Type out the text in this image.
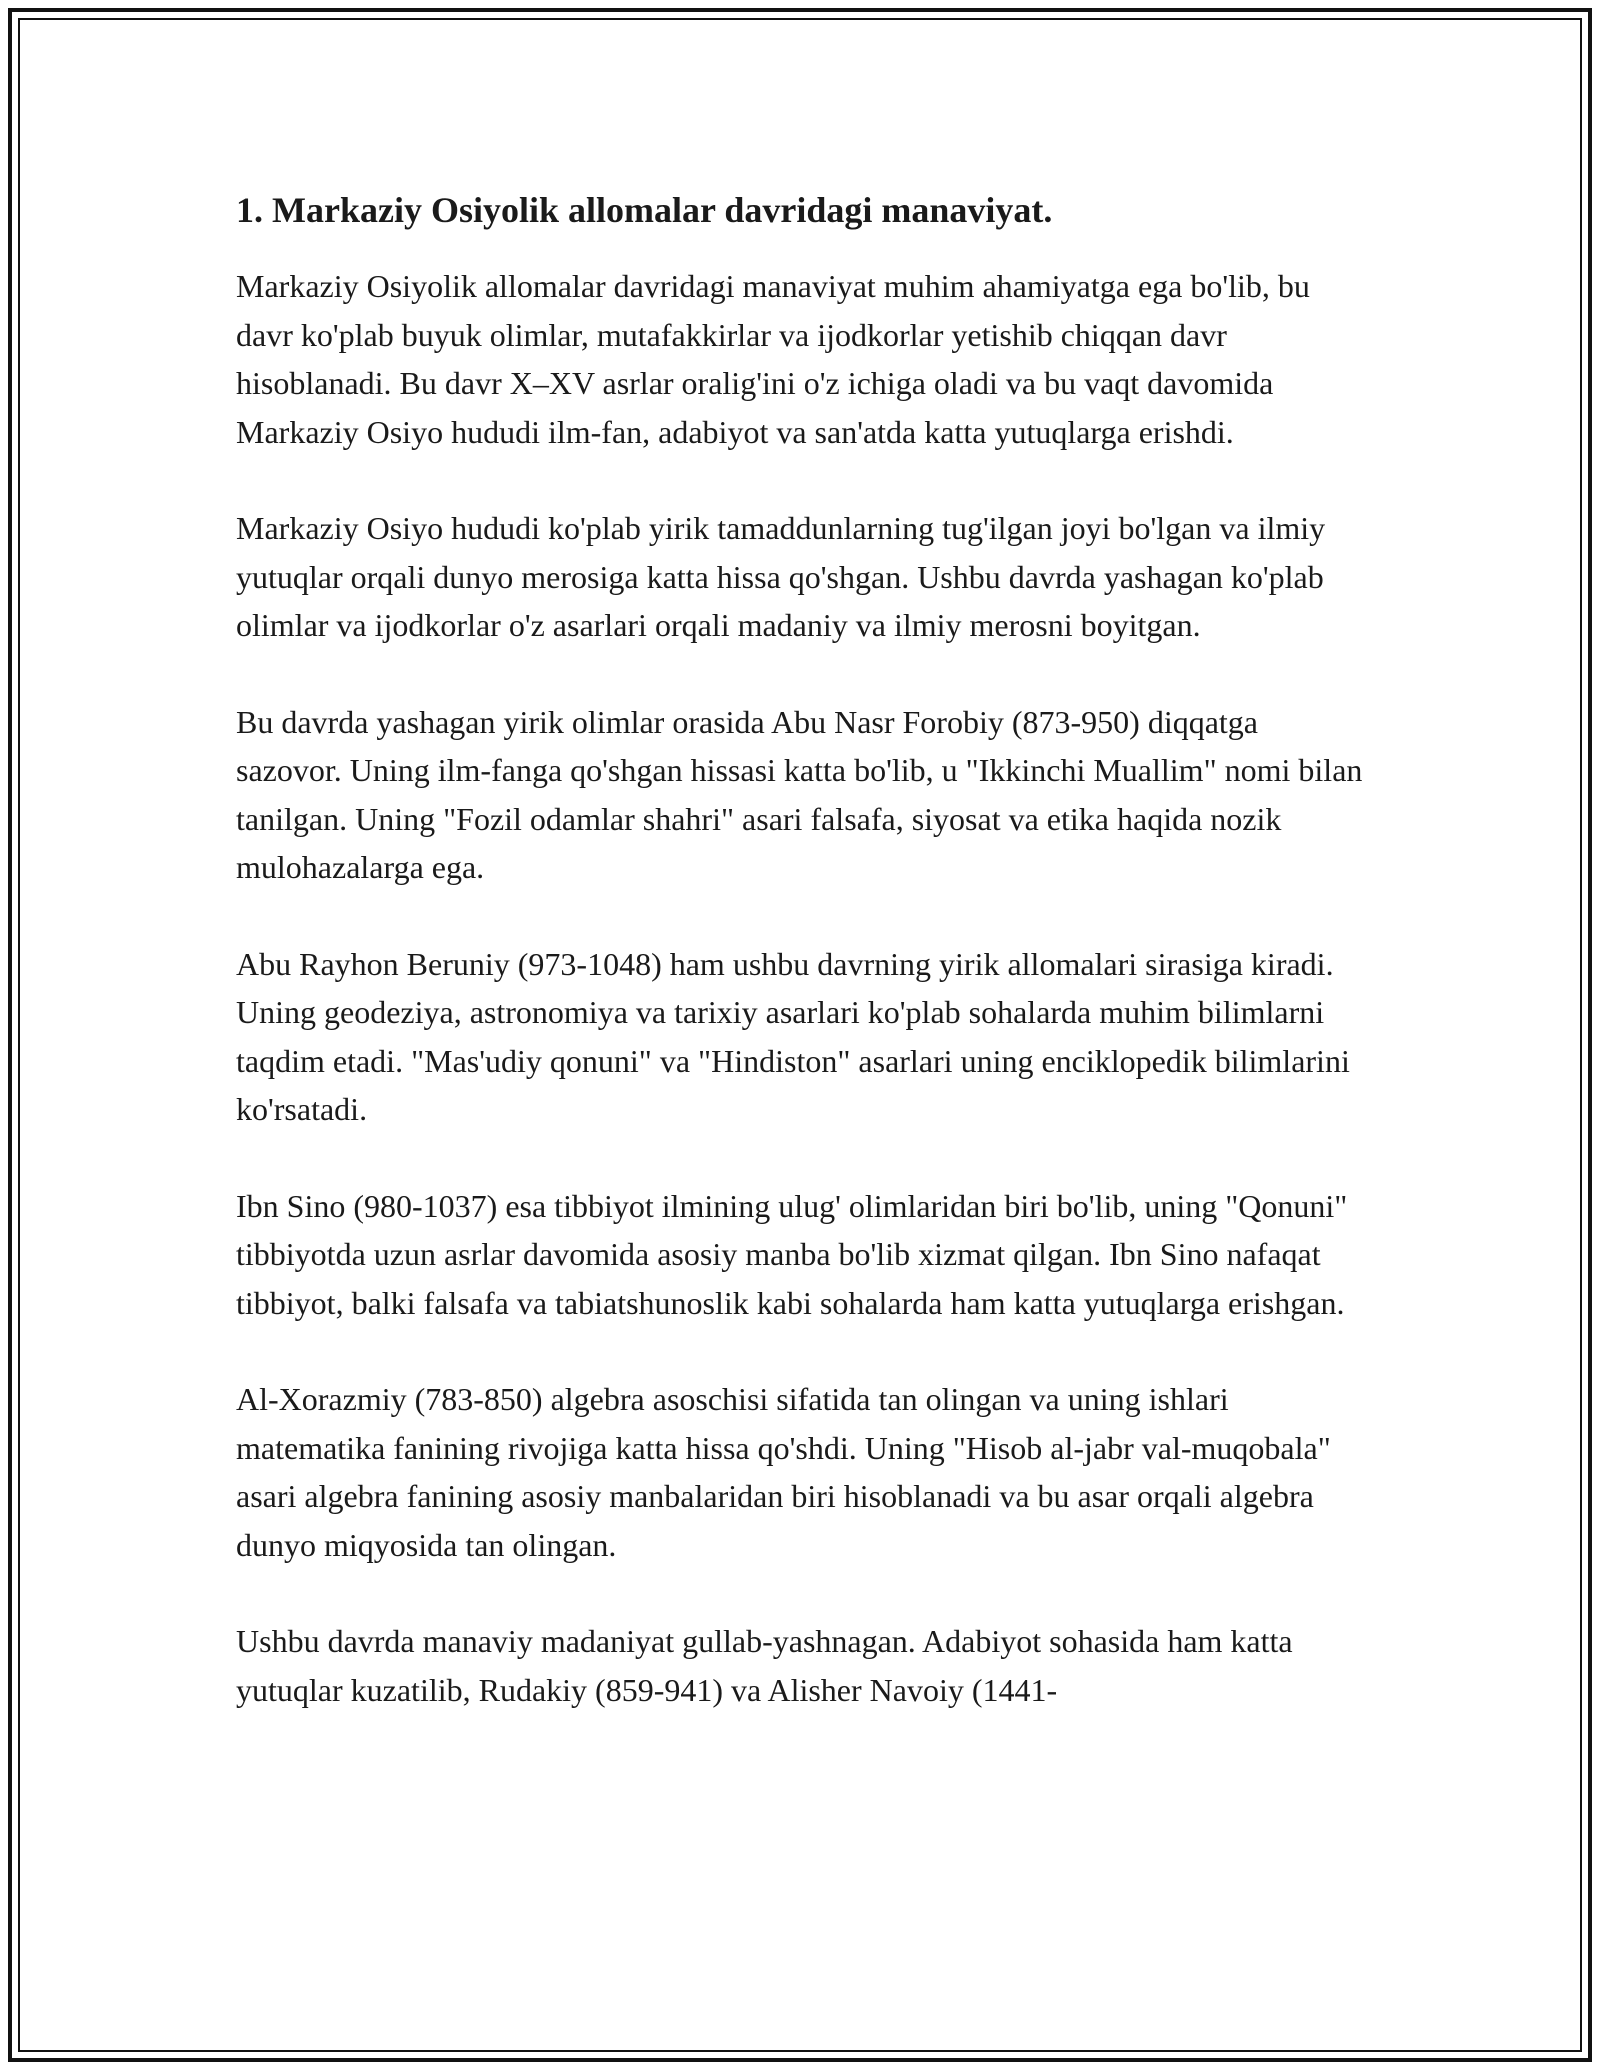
1. Markaziy Osiyolik allomalar davridagi manaviyat.

Markaziy Osiyolik allomalar davridagi manaviyat muhim ahamiyatga ega bo'lib, bu davr ko'plab buyuk olimlar, mutafakkirlar va ijodkorlar yetishib chiqqan davr hisoblanadi. Bu davr X–XV asrlar oralig'ini o'z ichiga oladi va bu vaqt davomida Markaziy Osiyo hududi ilm-fan, adabiyot va san'atda katta yutuqlarga erishdi.

Markaziy Osiyo hududi ko'plab yirik tamaddunlarning tug'ilgan joyi bo'lgan va ilmiy yutuqlar orqali dunyo merosiga katta hissa qo'shgan. Ushbu davrda yashagan ko'plab olimlar va ijodkorlar o'z asarlari orqali madaniy va ilmiy merosni boyitgan.

Bu davrda yashagan yirik olimlar orasida Abu Nasr Forobiy (873-950) diqqatga sazovor. Uning ilm-fanga qo'shgan hissasi katta bo'lib, u "Ikkinchi Muallim" nomi bilan tanilgan. Uning "Fozil odamlar shahri" asari falsafa, siyosat va etika haqida nozik mulohazalarga ega.

Abu Rayhon Beruniy (973-1048) ham ushbu davrning yirik allomalari sirasiga kiradi. Uning geodeziya, astronomiya va tarixiy asarlari ko'plab sohalarda muhim bilimlarni taqdim etadi. "Mas'udiy qonuni" va "Hindiston" asarlari uning enciklopedik bilimlarini ko'rsatadi.

Ibn Sino (980-1037) esa tibbiyot ilmining ulug' olimlaridan biri bo'lib, uning "Qonuni" tibbiyotda uzun asrlar davomida asosiy manba bo'lib xizmat qilgan. Ibn Sino nafaqat tibbiyot, balki falsafa va tabiatshunoslik kabi sohalarda ham katta yutuqlarga erishgan.

Al-Xorazmiy (783-850) algebra asoschisi sifatida tan olingan va uning ishlari matematika fanining rivojiga katta hissa qo'shdi. Uning "Hisob al-jabr val-muqobala" asari algebra fanining asosiy manbalaridan biri hisoblanadi va bu asar orqali algebra dunyo miqyosida tan olingan.

Ushbu davrda manaviy madaniyat gullab-yashnagan. Adabiyot sohasida ham katta yutuqlar kuzatilib, Rudakiy (859-941) va Alisher Navoiy (1441-
